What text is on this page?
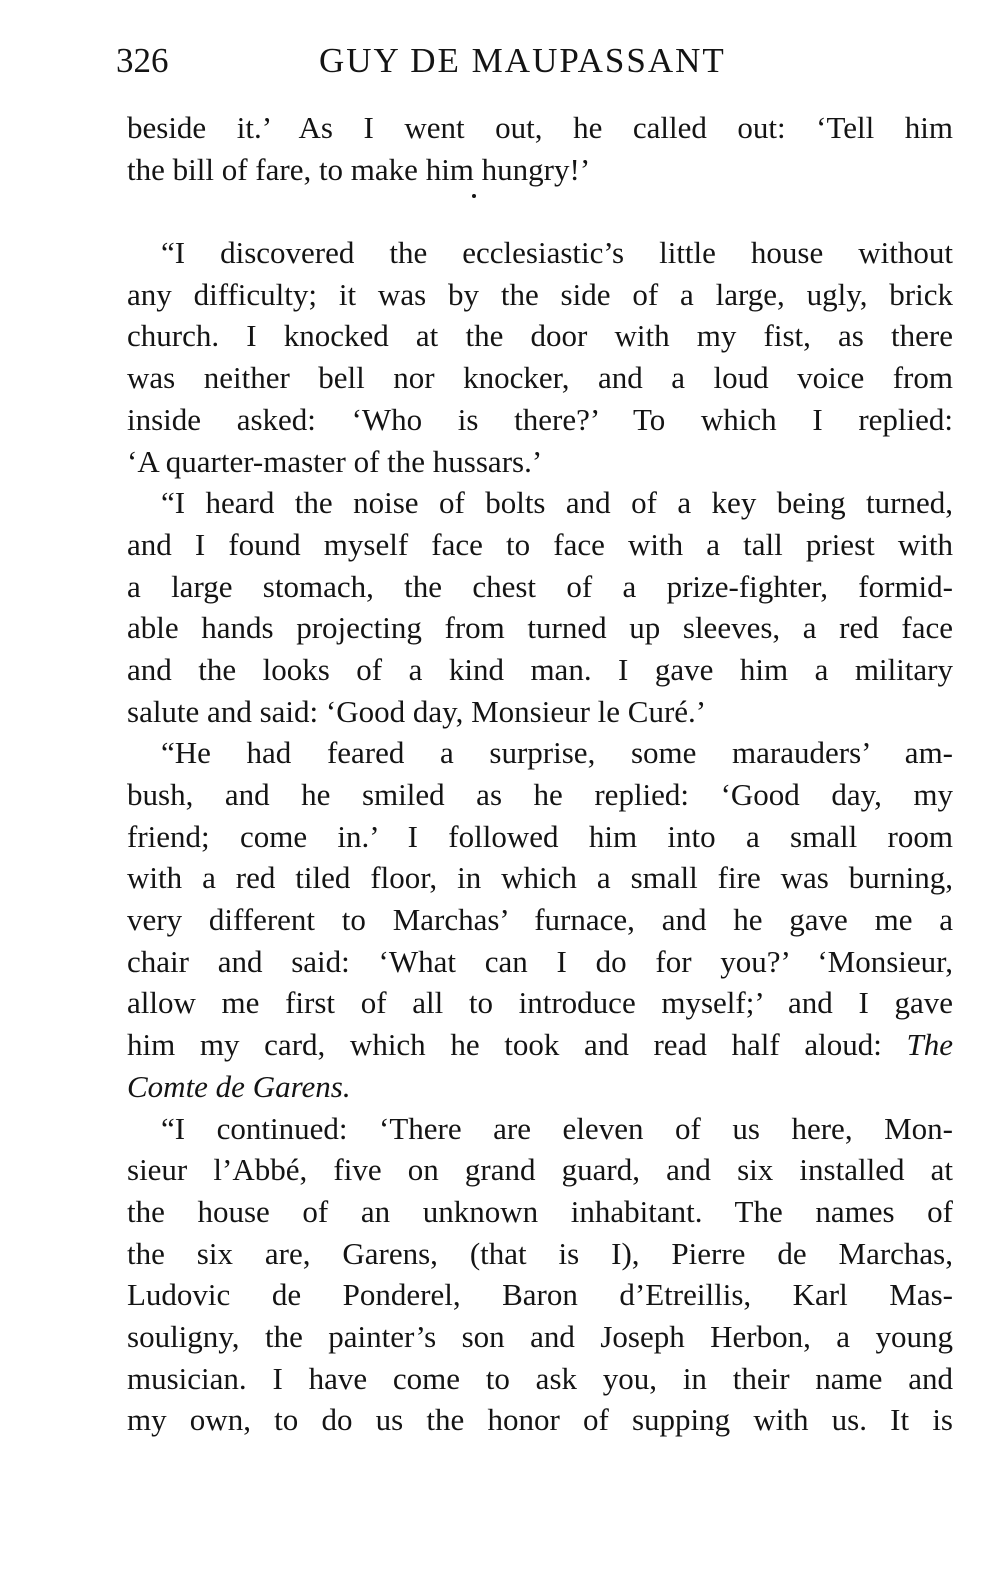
326	GUY DE MAUPASSANT
beside it.’ As I went out, he called out: ‘Tell him
the bill of fare, to make him hungry!’
“I discovered the ecclesiastic’s little house without
any difficulty; it was by the side of a large, ugly, brick
church. I knocked at the door with my fist, as there
was neither bell nor knocker, and a loud voice from
inside asked: ‘Who is there?’ To which I replied:
‘A quarter-master of the hussars.’
“I heard the noise of bolts and of a key being turned,
and I found myself face to face with a tall priest with
a large stomach, the chest of a prize-fighter, formid-
able hands projecting from turned up sleeves, a red face
and the looks of a kind man. I gave him a military
salute and said: ‘Good day, Monsieur le Curé.’
“He had feared a surprise, some marauders’ am-
bush, and he smiled as he replied: ‘Good day, my
friend; come in.’ I followed him into a small room
with a red tiled floor, in which a small fire was burning,
very different to Marchas’ furnace, and he gave me a
chair and said: ‘What can I do for you?’ ‘Monsieur,
allow me first of all to introduce myself;’ and I gave
him my card, which he took and read half aloud: The
Comte de Garens.
“I continued: ‘There are eleven of us here, Mon-
sieur l’Abbé, five on grand guard, and six installed at
the house of an unknown inhabitant. The names of
the six are, Garens, (that is I), Pierre de Marchas,
Ludovic de Ponderel, Baron d’Etreillis, Karl Mas-
souligny, the painter’s son and Joseph Herbon, a young
musician. I have come to ask you, in their name and
my own, to do us the honor of supping with us. It is
